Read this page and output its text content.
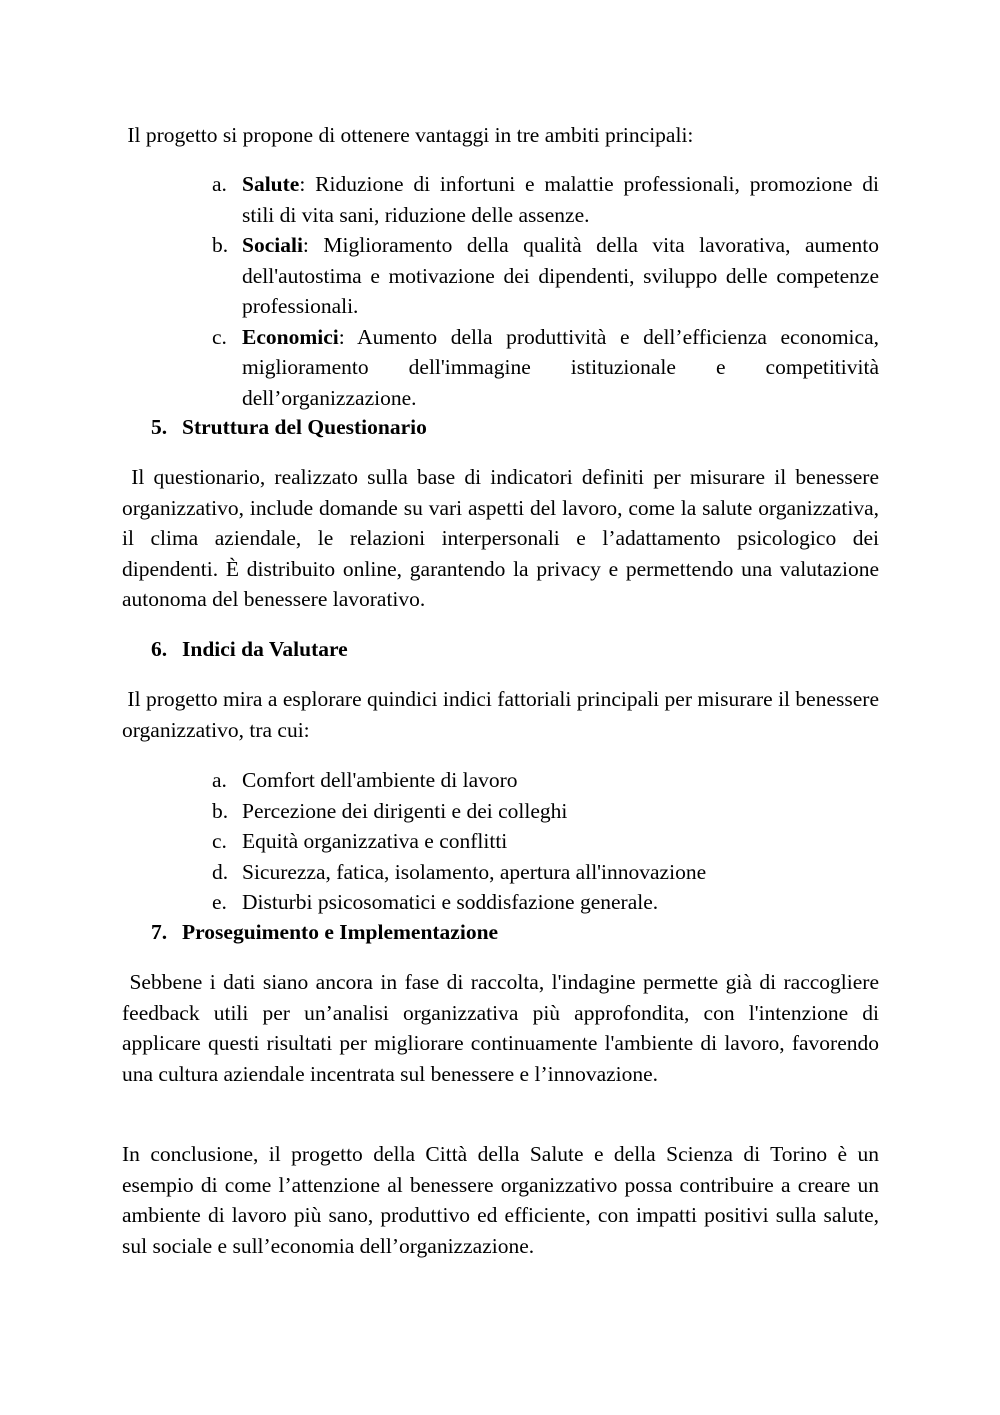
Il progetto si propone di ottenere vantaggi in tre ambiti principali:

a. Salute: Riduzione di infortuni e malattie professionali, promozione di stili di vita sani, riduzione delle assenze.
b. Sociali: Miglioramento della qualità della vita lavorativa, aumento dell'autostima e motivazione dei dipendenti, sviluppo delle competenze professionali.
c. Economici: Aumento della produttività e dell’efficienza economica, miglioramento dell'immagine istituzionale e competitività dell’organizzazione.
5. Struttura del Questionario

Il questionario, realizzato sulla base di indicatori definiti per misurare il benessere organizzativo, include domande su vari aspetti del lavoro, come la salute organizzativa, il clima aziendale, le relazioni interpersonali e l’adattamento psicologico dei dipendenti. È distribuito online, garantendo la privacy e permettendo una valutazione autonoma del benessere lavorativo.

6. Indici da Valutare

Il progetto mira a esplorare quindici indici fattoriali principali per misurare il benessere organizzativo, tra cui:

a. Comfort dell'ambiente di lavoro
b. Percezione dei dirigenti e dei colleghi
c. Equità organizzativa e conflitti
d. Sicurezza, fatica, isolamento, apertura all'innovazione
e. Disturbi psicosomatici e soddisfazione generale.
7. Proseguimento e Implementazione

Sebbene i dati siano ancora in fase di raccolta, l'indagine permette già di raccogliere feedback utili per un’analisi organizzativa più approfondita, con l'intenzione di applicare questi risultati per migliorare continuamente l'ambiente di lavoro, favorendo una cultura aziendale incentrata sul benessere e l’innovazione.

In conclusione, il progetto della Città della Salute e della Scienza di Torino è un esempio di come l’attenzione al benessere organizzativo possa contribuire a creare un ambiente di lavoro più sano, produttivo ed efficiente, con impatti positivi sulla salute, sul sociale e sull’economia dell’organizzazione.
